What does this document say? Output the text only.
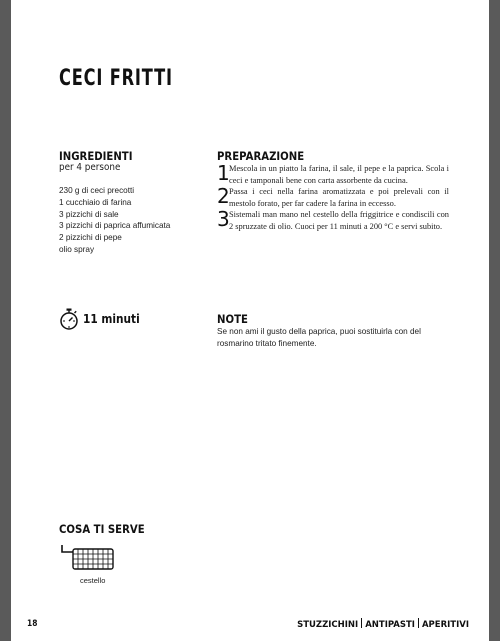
CECI FRITTI
INGREDIENTI
per 4 persone
230 g di ceci precotti
1 cucchiaio di farina
3 pizzichi di sale
3 pizzichi di paprica affumicata
2 pizzichi di pepe
olio spray
PREPARAZIONE
1 Mescola in un piatto la farina, il sale, il pepe e la paprica. Scola i ceci e tamponali bene con carta assorbente da cucina.
2 Passa i ceci nella farina aromatizzata e poi prelevali con il mestolo forato, per far cadere la farina in eccesso.
3 Sistemali man mano nel cestello della friggitrice e condiscili con 2 spruzzate di olio. Cuoci per 11 minuti a 200 °C e servi subito.
11 minuti	NOTE
Se non ami il gusto della paprica, puoi sostituirla con del rosmarino tritato finemente.
COSA TI SERVE
cestello
18	STUZZICHINI ANTIPASTI APERITIVI
